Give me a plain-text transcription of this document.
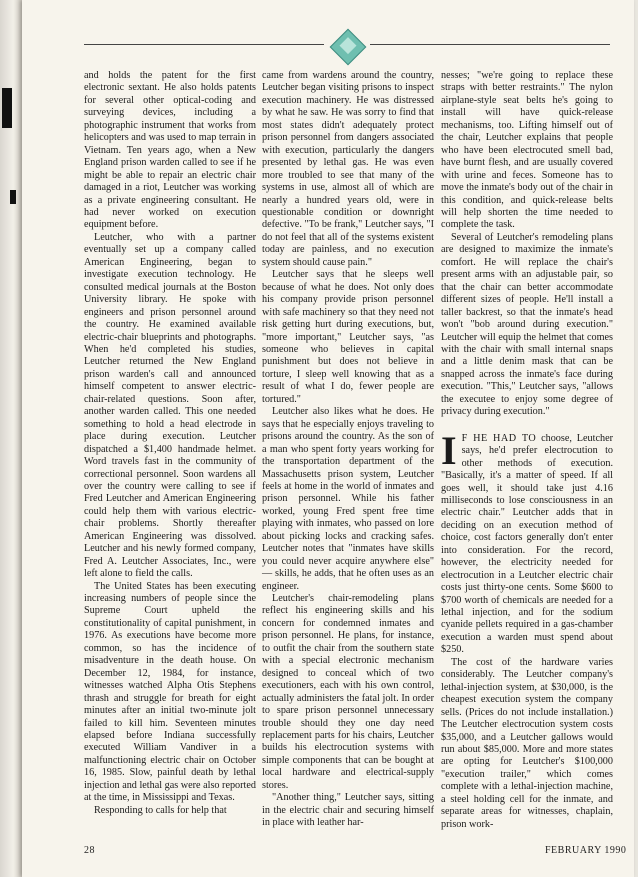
and holds the patent for the first electronic sextant. He also holds patents for several other optical-coding and surveying devices, including a photographic instrument that works from helicopters and was used to map terrain in Vietnam. Ten years ago, when a New England prison warden called to see if he might be able to repair an electric chair damaged in a riot, Leutcher was working as a private engineering consultant. He had never worked on execution equipment before.

Leutcher, who with a partner eventually set up a company called American Engineering, began to investigate execution technology. He consulted medical journals at the Boston University library. He spoke with engineers and prison personnel around the country. He examined available electric-chair blueprints and photographs. When he'd completed his studies, Leutcher returned the New England prison warden's call and announced himself competent to answer electric-chair-related questions. Soon after, another warden called. This one needed something to hold a head electrode in place during execution. Leutcher dispatched a $1,400 handmade helmet. Word travels fast in the community of correctional personnel. Soon wardens all over the country were calling to see if Fred Leutcher and American Engineering could help them with various electric-chair problems. Shortly thereafter American Engineering was dissolved. Leutcher and his newly formed company, Fred A. Leutcher Associates, Inc., were left alone to field the calls.

The United States has been executing increasing numbers of people since the Supreme Court upheld the constitutionality of capital punishment, in 1976. As executions have become more common, so has the incidence of misadventure in the death house. On December 12, 1984, for instance, witnesses watched Alpha Otis Stephens thrash and struggle for breath for eight minutes after an initial two-minute jolt failed to kill him. Seventeen minutes elapsed before Indiana successfully executed William Vandiver in a malfunctioning electric chair on October 16, 1985. Slow, painful death by lethal injection and lethal gas were also reported at the time, in Mississippi and Texas.

Responding to calls for help that

came from wardens around the country, Leutcher began visiting prisons to inspect execution machinery. He was distressed by what he saw. He was sorry to find that most states didn't adequately protect prison personnel from dangers associated with execution, particularly the dangers presented by lethal gas. He was even more troubled to see that many of the systems in use, almost all of which are nearly a hundred years old, were in questionable condition or downright defective. "To be frank," Leutcher says, "I do not feel that all of the systems existent today are painless, and no execution system should cause pain."

Leutcher says that he sleeps well because of what he does. Not only does his company provide prison personnel with safe machinery so that they need not risk getting hurt during executions, but, "more important," Leutcher says, "as someone who believes in capital punishment but does not believe in torture, I sleep well knowing that as a result of what I do, fewer people are tortured."

Leutcher also likes what he does. He says that he especially enjoys traveling to prisons around the country. As the son of a man who spent forty years working for the transportation department of the Massachusetts prison system, Leutcher feels at home in the world of inmates and prison personnel. While his father worked, young Fred spent free time playing with inmates, who passed on lore about picking locks and cracking safes. Leutcher notes that "inmates have skills you could never acquire anywhere else" — skills, he adds, that he often uses as an engineer.

Leutcher's chair-remodeling plans reflect his engineering skills and his concern for condemned inmates and prison personnel. He plans, for instance, to outfit the chair from the southern state with a special electronic mechanism designed to conceal which of two executioners, each with his own control, actually administers the fatal jolt. In order to spare prison personnel unnecessary trouble should they one day need replacement parts for his chairs, Leutcher builds his electrocution systems with simple components that can be bought at local hardware and electrical-supply stores.

"Another thing," Leutcher says, sitting in the electric chair and securing himself in place with leather har-

nesses; "we're going to replace these straps with better restraints." The nylon airplane-style seat belts he's going to install will have quick-release mechanisms, too. Lifting himself out of the chair, Leutcher explains that people who have been electrocuted smell bad, have burnt flesh, and are usually covered with urine and feces. Someone has to move the inmate's body out of the chair in this condition, and quick-release belts will help shorten the time needed to complete the task.

Several of Leutcher's remodeling plans are designed to maximize the inmate's comfort. He will replace the chair's present arms with an adjustable pair, so that the chair can better accommodate different sizes of people. He'll install a taller backrest, so that the inmate's head won't "bob around during execution." Leutcher will equip the helmet that comes with the chair with small internal snaps and a little denim mask that can be snapped across the inmate's face during execution. "This," Leutcher says, "allows the executee to enjoy some degree of privacy during execution."

I F HE HAD TO choose, Leutcher says, he'd prefer electrocution to other methods of execution. "Basically, it's a matter of speed. If all goes well, it should take just 4.16 milliseconds to lose consciousness in an electric chair." Leutcher adds that in deciding on an execution method of choice, cost factors generally don't enter into consideration. For the record, however, the electricity needed for electrocution in a Leutcher electric chair costs just thirty-one cents. Some $600 to $700 worth of chemicals are needed for a lethal injection, and for the sodium cyanide pellets required in a gas-chamber execution a warden must spend about $250.

The cost of the hardware varies considerably. The Leutcher company's lethal-injection system, at $30,000, is the cheapest execution system the company sells. (Prices do not include installation.) The Leutcher electrocution system costs $35,000, and a Leutcher gallows would run about $85,000. More and more states are opting for Leutcher's $100,000 "execution trailer," which comes complete with a lethal-injection machine, a steel holding cell for the inmate, and separate areas for witnesses, chaplain, prison work-

28	FEBRUARY 1990
